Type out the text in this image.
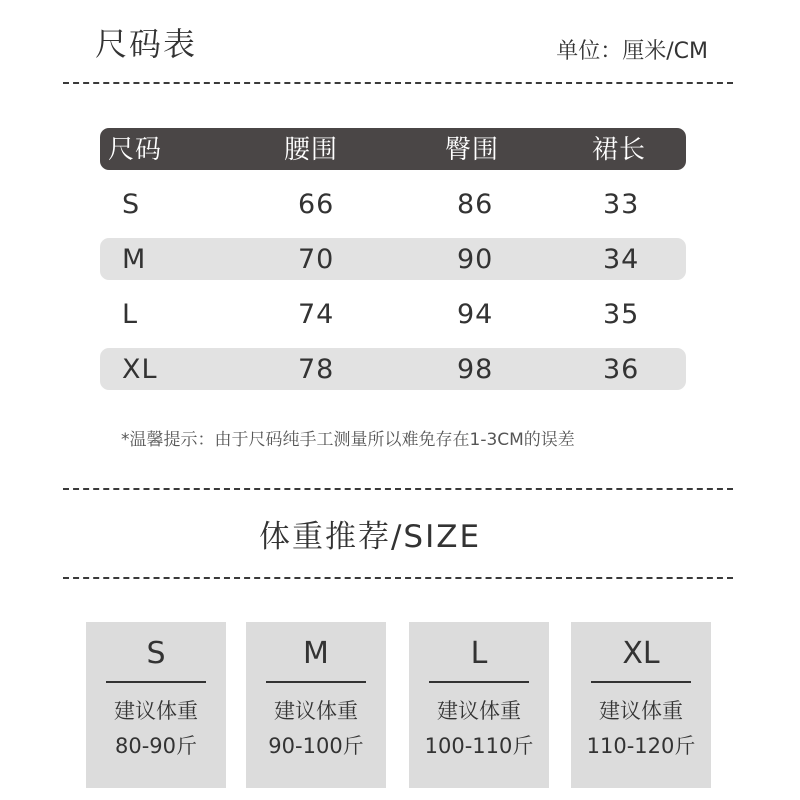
尺码表	单位：厘米/CM
尺码	腰围	臀围	裙长
S	66	86	33
M	70	90	34
L	74	94	35
XL	78	98	36
*温馨提示：由于尺码纯手工测量所以难免存在1-3CM的误差
体重推荐/SIZE
S
建议体重
80-90斤
M
建议体重
90-100斤
L
建议体重
100-110斤
XL
建议体重
110-120斤
